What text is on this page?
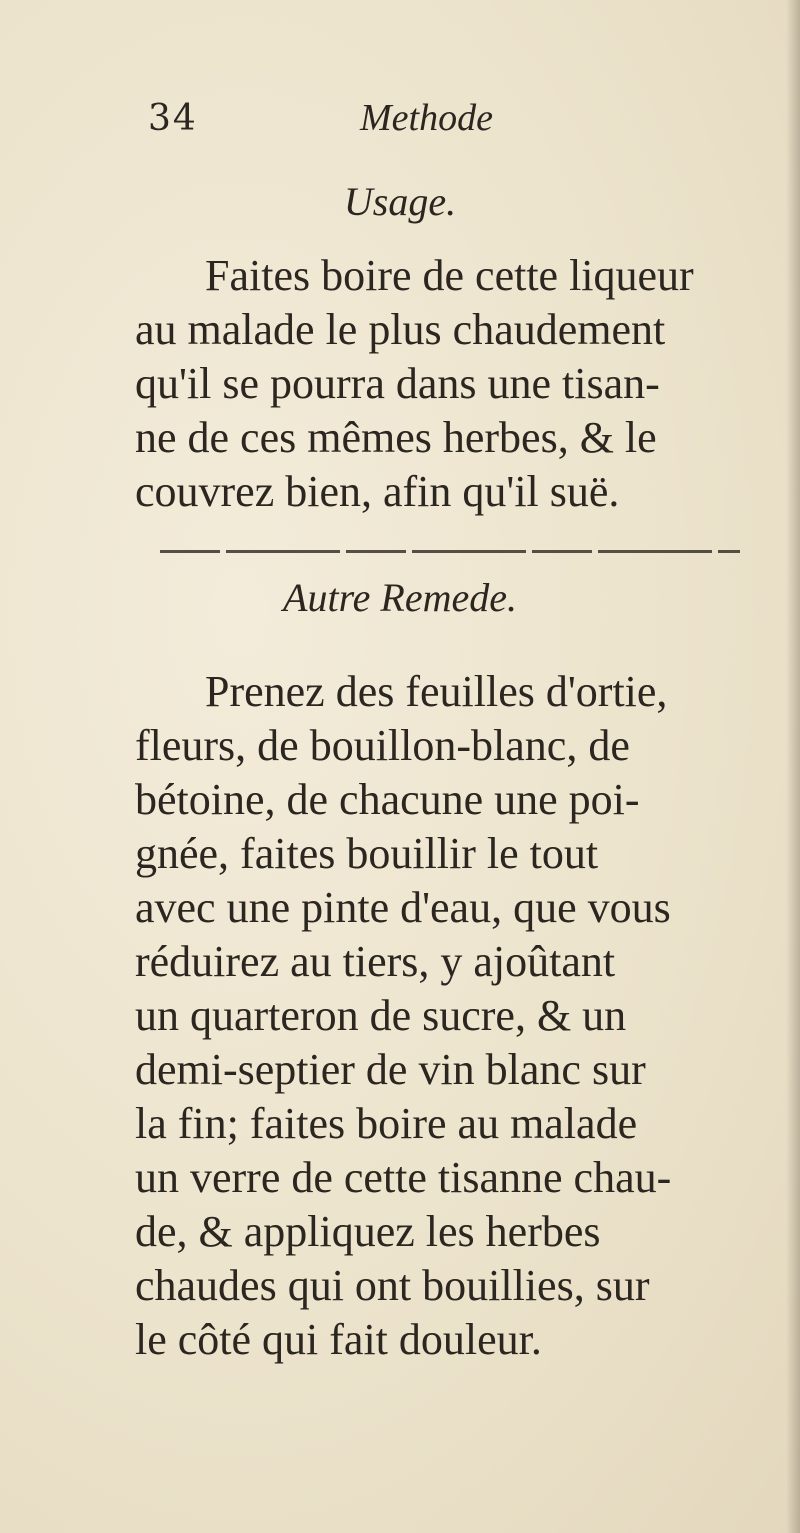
34	Methode
Usage.
Faites boire de cette liqueur
au malade le plus chaudement
qu'il se pourra dans une tisan-
ne de ces mêmes herbes, & le
couvrez bien, afin qu'il suë.
Autre Remede.
Prenez des feuilles d'ortie,
fleurs, de bouillon-blanc, de
bétoine, de chacune une poi-
gnée, faites bouillir le tout
avec une pinte d'eau, que vous
réduirez au tiers, y ajoûtant
un quarteron de sucre, & un
demi-septier de vin blanc sur
la fin; faites boire au malade
un verre de cette tisanne chau-
de, & appliquez les herbes
chaudes qui ont bouillies, sur
le côté qui fait douleur.
